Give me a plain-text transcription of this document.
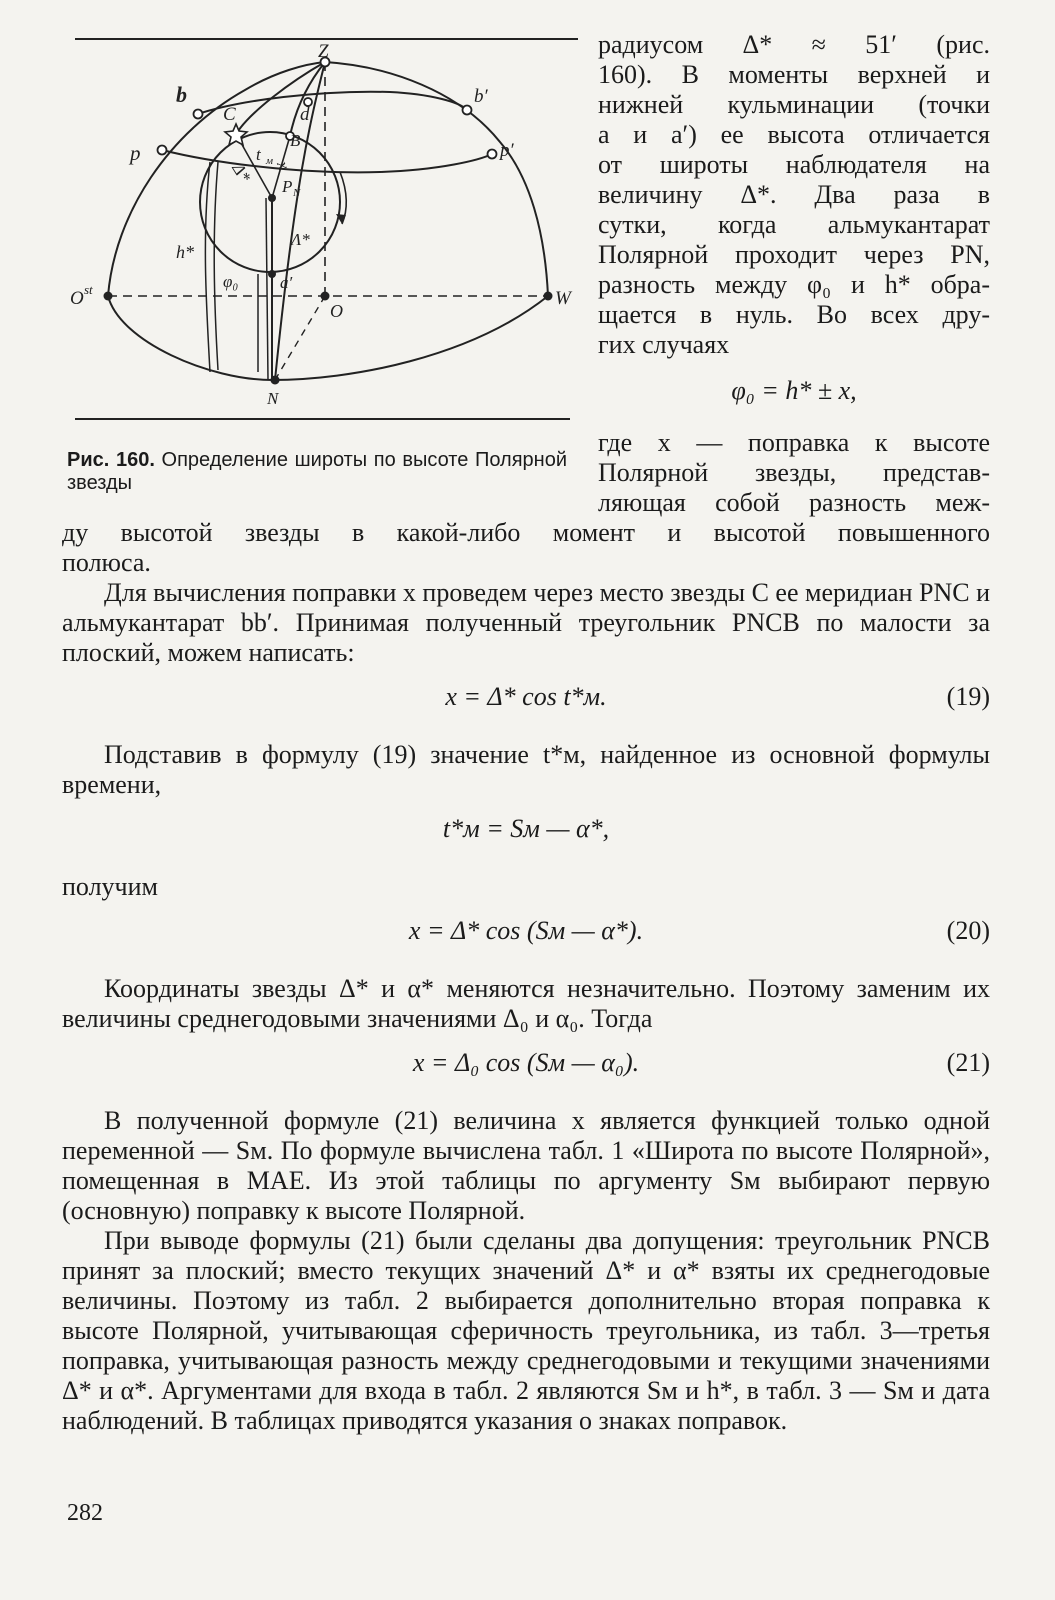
Z
C
b	b′
d
p	p′
B
t м
P N
Δ*
Λ*
x
h*
φ₀ a′
O st
O
W
N
Рис. 160. Определение широты по высоте Полярной звезды
радиусом Δ* ≈ 51′ (рис.
160). В моменты верхней и
нижней кульминации (точки
a и a′) ее высота отличается
от широты наблюдателя на
величину Δ*. Два раза в
сутки, когда альмукантарат
Полярной проходит через PN,
разность между φ₀ и h* обра-
щается в нуль. Во всех дру-
гих случаях
φ₀ = h* ± x,
где x — поправка к высоте
Полярной звезды, представ-
ляющая собой разность меж-

ду высотой звезды в какой-либо момент и высотой повышенного
полюса.

Для вычисления поправки x проведем через место звезды C ее меридиан PNC и альмукантарат bb′. Принимая полученный треугольник PNCB по малости за плоский, можем написать:

x = Δ* cos t*м.	(19)

Подставив в формулу (19) значение t*м, найденное из основной формулы времени,

t*м = Sм — α*,

получим

x = Δ* cos (Sм — α*).	(20)

Координаты звезды Δ* и α* меняются незначительно. Поэтому заменим их величины среднегодовыми значениями Δ₀ и α₀. Тогда

x = Δ₀ cos (Sм — α₀).	(21)

В полученной формуле (21) величина x является функцией только одной переменной — Sм. По формуле вычислена табл. 1 «Широта по высоте Полярной», помещенная в МАЕ. Из этой таблицы по аргументу Sм выбирают первую (основную) поправку к высоте Полярной.

При выводе формулы (21) были сделаны два допущения: треугольник PNCB принят за плоский; вместо текущих значений Δ* и α* взяты их среднегодовые величины. Поэтому из табл. 2 выбирается дополнительно вторая поправка к высоте Полярной, учитывающая сферичность треугольника, из табл. 3—третья поправка, учитывающая разность между среднегодовыми и текущими значениями Δ* и α*. Аргументами для входа в табл. 2 являются Sм и h*, в табл. 3 — Sм и дата наблюдений. В таблицах приводятся указания о знаках поправок.

282
